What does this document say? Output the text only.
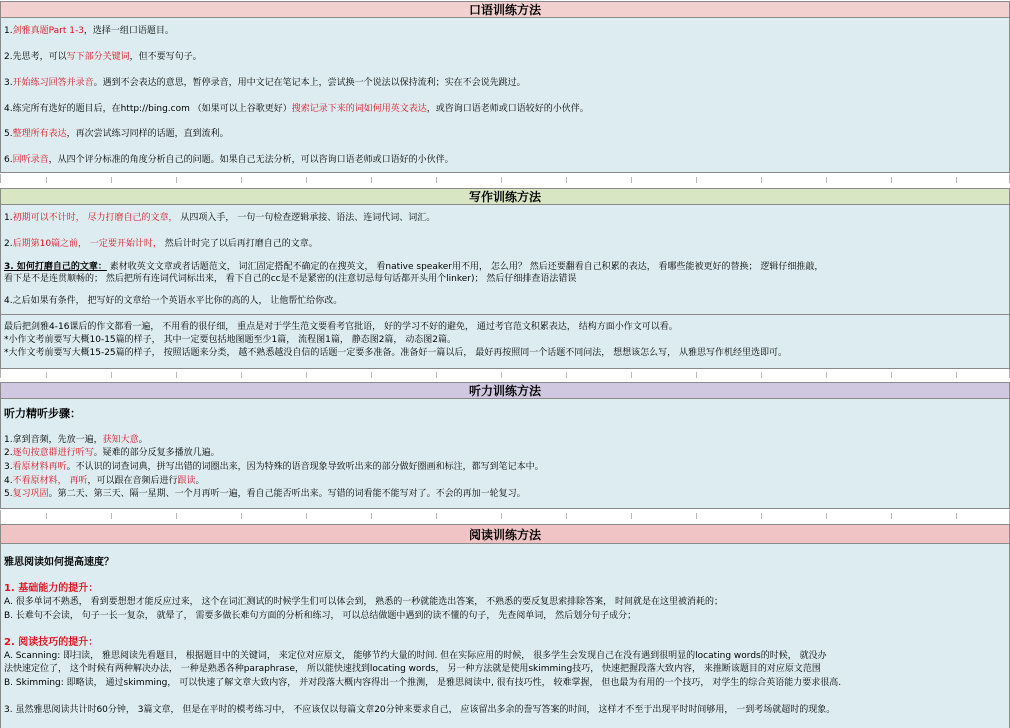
口语训练方法
1.剑雅真题Part 1-3，选择一组口语题目。
2.先思考，可以写下部分关键词，但不要写句子。
3.开始练习回答并录音。遇到不会表达的意思，暂停录音，用中文记在笔记本上，尝试换一个说法以保持流利；实在不会说先跳过。
4.练完所有选好的题目后，在http://bing.com （如果可以上谷歌更好）搜索记录下来的词如何用英文表达，或咨询口语老师或口语较好的小伙伴。
5.整理所有表达，再次尝试练习同样的话题，直到流利。
6.回听录音，从四个评分标准的角度分析自己的问题。如果自己无法分析，可以咨询口语老师或口语好的小伙伴。
写作训练方法
1.初期可以不计时， 尽力打磨自己的文章， 从四项入手， 一句一句检查逻辑承接、语法、连词代词、词汇。
2.后期第10篇之前， 一定要开始计时， 然后计时完了以后再打磨自己的文章。
3. 如何打磨自己的文章： 素材收英文文章或者话题范文， 词汇固定搭配不确定的在搜英文， 看native speaker用不用， 怎么用？ 然后还要翻看自己积累的表达， 看哪些能被更好的替换； 逻辑仔细推敲，
看下是不是连贯顺畅的； 然后把所有连词代词标出来， 看下自己的cc是不是紧密的(注意切忌每句话都开头用个linker)； 然后仔细排查语法错误
4.之后如果有条件， 把写好的文章给一个英语水平比你的高的人， 让他帮忙给你改。
最后把剑雅4-16课后的作文都看一遍， 不用看的很仔细， 重点是对于学生范文要看考官批语， 好的学习不好的避免， 通过考官范文积累表达， 结构方面小作文可以看。
*小作文考前要写大概10-15篇的样子， 其中一定要包括地图题至少1篇， 流程图1篇， 静态图2篇， 动态图2篇。
*大作文考前要写大概15-25篇的样子， 按照话题来分类， 越不熟悉越没自信的话题一定要多准备。准备好一篇以后， 最好再按照同一个话题不同问法， 想想该怎么写， 从雅思写作机经里选即可。
听力训练方法
听力精听步骤：
1.拿到音频，先放一遍，获知大意。
2.逐句按意群进行听写。疑难的部分反复多播放几遍。
3.看原材料再听。不认识的词查词典，拼写出错的词圈出来，因为特殊的语音现象导致听出来的部分做好圈画和标注，都写到笔记本中。
4.不看原材料， 再听，可以跟在音频后进行跟读。
5.复习巩固。第二天、第三天、隔一星期、一个月再听一遍，看自己能否听出来。写错的词看能不能写对了。不会的再加一轮复习。
阅读训练方法
雅思阅读如何提高速度？
1. 基础能力的提升：
A. 很多单词不熟悉， 看到要想想才能反应过来， 这个在词汇测试的时候学生们可以体会到， 熟悉的一秒就能选出答案， 不熟悉的要反复思索排除答案， 时间就是在这里被消耗的；
B. 长难句不会读， 句子一长一复杂， 就晕了， 需要多做长难句方面的分析和练习， 可以总结做题中遇到的读不懂的句子， 先查阅单词， 然后划分句子成分；
2. 阅读技巧的提升：
A. Scanning: 即扫读， 雅思阅读先看题目， 根据题目中的关键词， 来定位对应原文， 能够节约大量的时间. 但在实际应用的时候， 很多学生会发现自己在没有遇到很明显的locating words的时候， 就没办
法快速定位了， 这个时候有两种解决办法， 一种是熟悉各种paraphrase， 所以能快速找到locating words， 另一种方法就是使用skimming技巧， 快速把握段落大致内容， 来推断该题目的对应原文范围
B. Skimming: 即略读， 通过skimming， 可以快速了解文章大致内容， 并对段落大概内容得出一个推测， 是雅思阅读中, 很有技巧性， 较难掌握， 但也最为有用的一个技巧， 对学生的综合英语能力要求很高.
3. 虽然雅思阅读共计时60分钟， 3篇文章， 但是在平时的模考练习中， 不应该仅以每篇文章20分钟来要求自己， 应该留出多余的誊写答案的时间， 这样才不至于出现平时时间够用， 一到考场就超时的现象。
